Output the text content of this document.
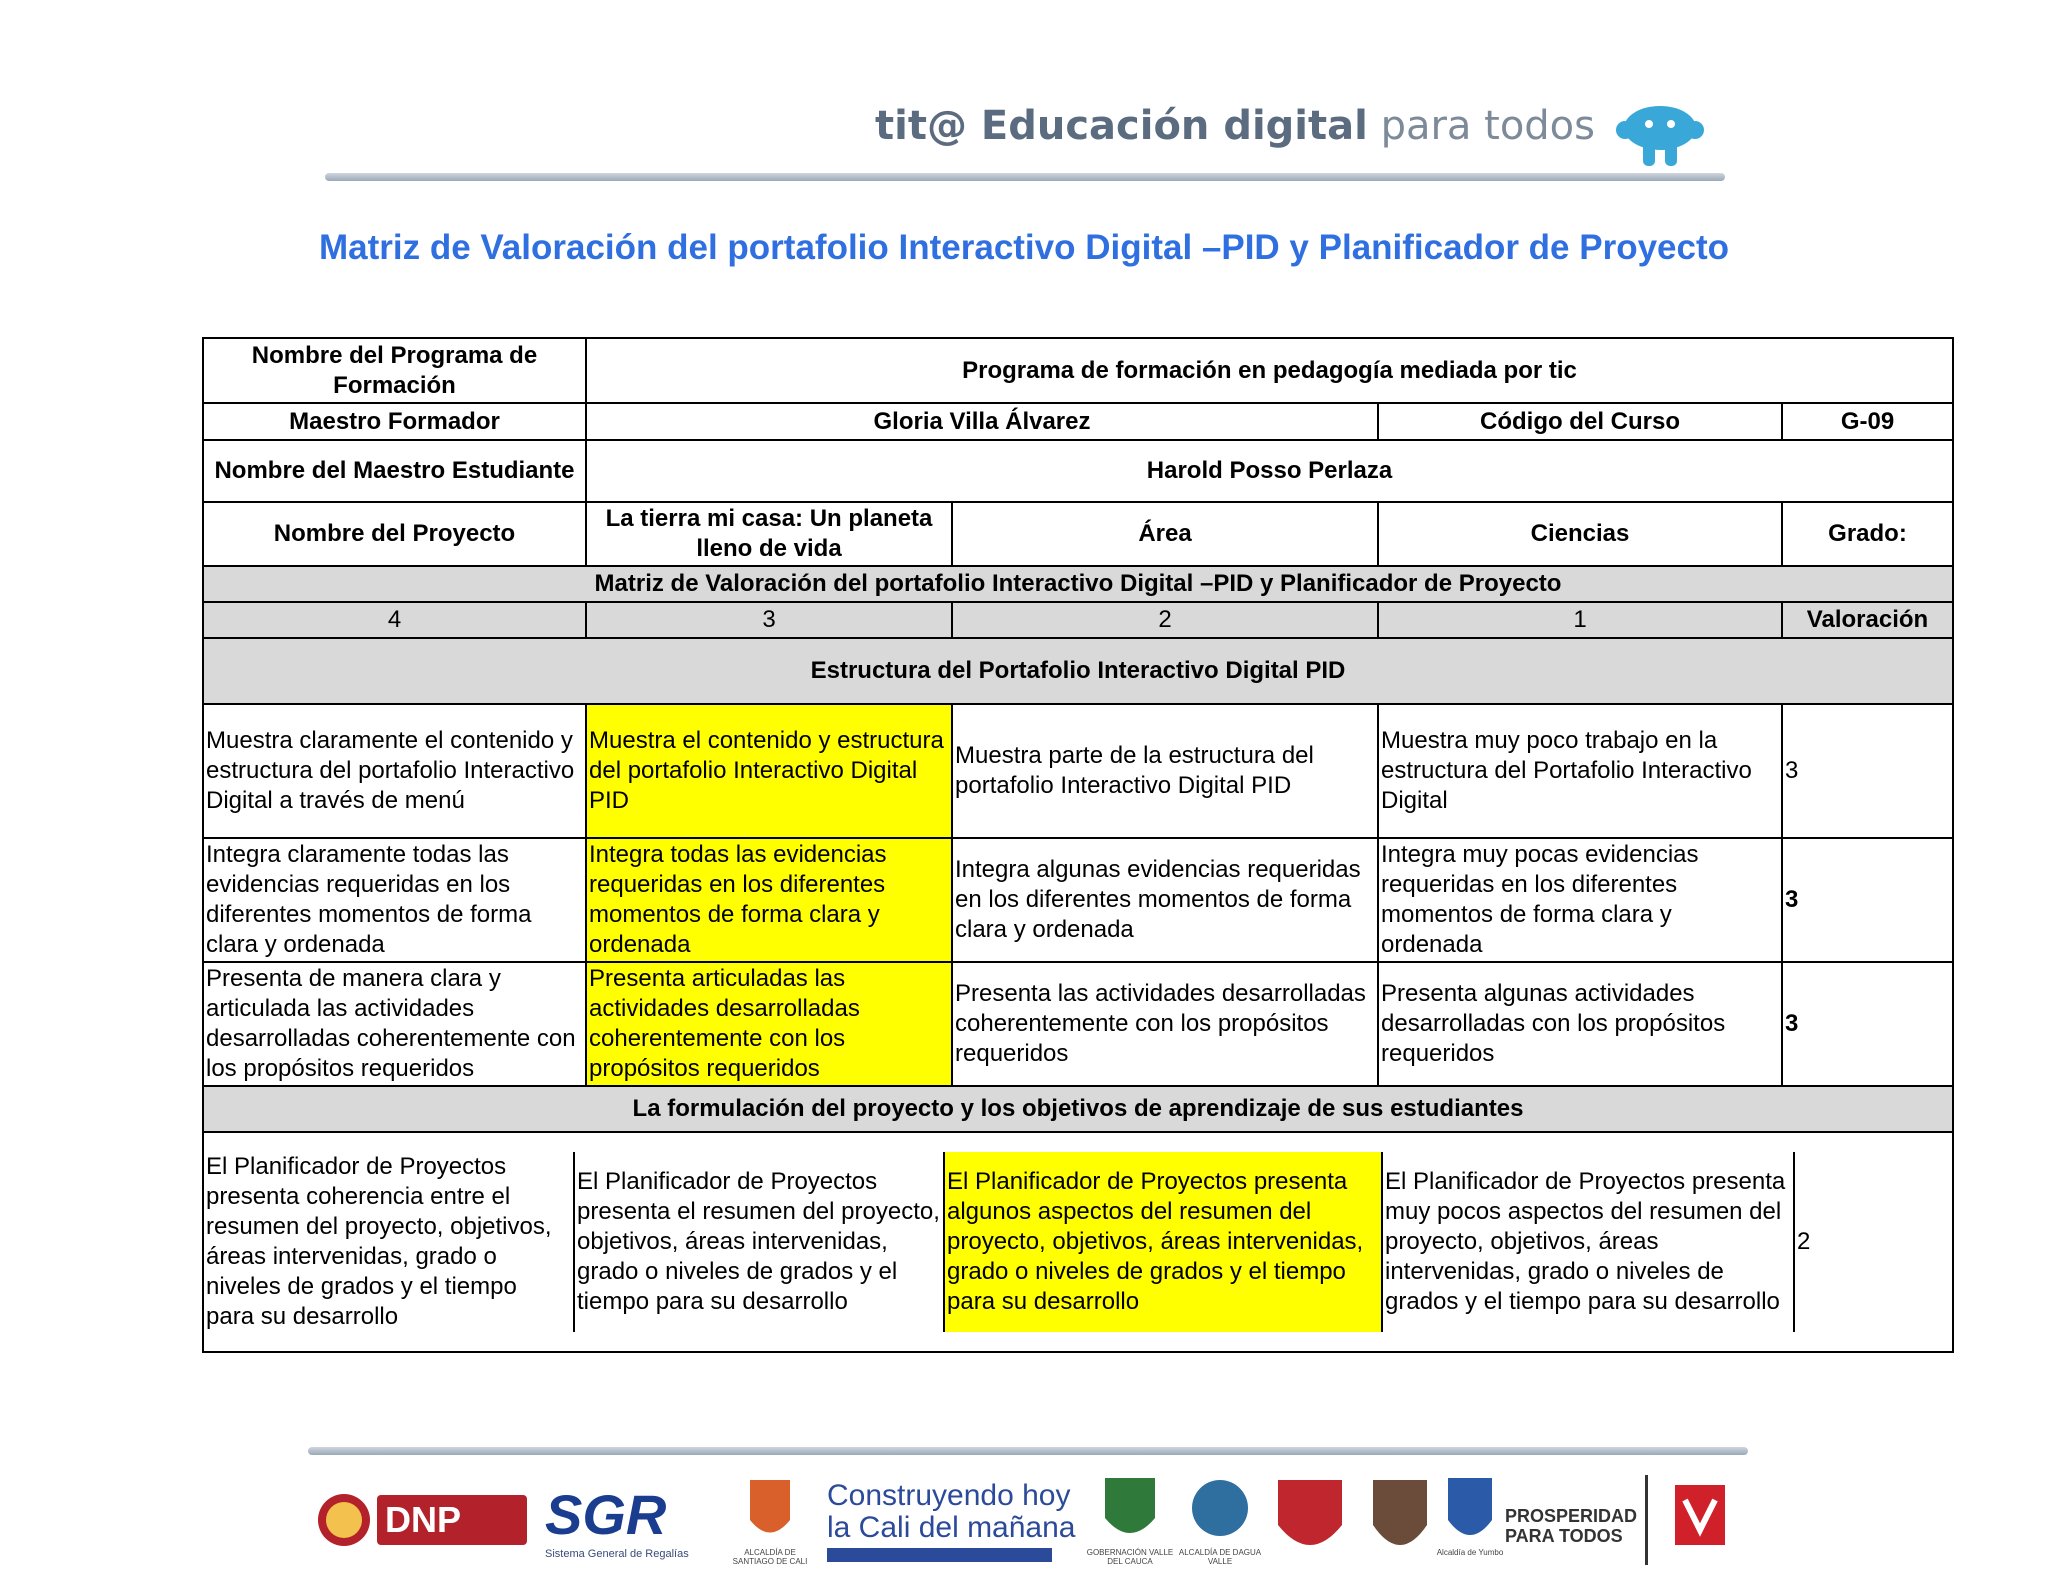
tit@ Educación digital para todos
Matriz de Valoración del portafolio Interactivo Digital –PID y Planificador de Proyecto
Nombre del Programa de Formación	Programa de formación en pedagogía mediada por tic
Maestro Formador	Gloria Villa Álvarez	Código del Curso	G-09
Nombre del Maestro Estudiante	Harold Posso Perlaza
Nombre del Proyecto	La tierra mi casa: Un planeta lleno de vida	Área	Ciencias	Grado:
Matriz de Valoración del portafolio Interactivo Digital –PID y Planificador de Proyecto
4	3	2	1	Valoración
Estructura del Portafolio Interactivo Digital PID
Muestra claramente el contenido y estructura del portafolio Interactivo Digital a través de menú	Muestra el contenido y estructura del portafolio Interactivo Digital PID	Muestra parte de la estructura del portafolio Interactivo Digital PID	Muestra muy poco trabajo en la estructura del Portafolio Interactivo Digital	3
Integra claramente todas las evidencias requeridas en los diferentes momentos de forma clara y ordenada	Integra todas las evidencias requeridas en los diferentes momentos de forma clara y ordenada	Integra algunas evidencias requeridas en los diferentes momentos de forma clara y ordenada	Integra muy pocas evidencias requeridas en los diferentes momentos de forma clara y ordenada	3
Presenta de manera clara y articulada las actividades desarrolladas coherentemente con los propósitos requeridos	Presenta articuladas las actividades desarrolladas coherentemente con los propósitos requeridos	Presenta las actividades desarrolladas coherentemente con los propósitos requeridos	Presenta algunas actividades desarrolladas con los propósitos requeridos	3
La formulación del proyecto y los objetivos de aprendizaje de sus estudiantes

El Planificador de Proyectos presenta coherencia entre el resumen del proyecto, objetivos, áreas intervenidas, grado o niveles de grados y el tiempo para su desarrollo	El Planificador de Proyectos presenta el resumen del proyecto, objetivos, áreas intervenidas, grado o niveles de grados y el tiempo para su desarrollo	El Planificador de Proyectos presenta algunos aspectos del resumen del proyecto, objetivos, áreas intervenidas, grado o niveles de grados y el tiempo para su desarrollo	El Planificador de Proyectos presenta muy pocos aspectos del resumen del proyecto, objetivos, áreas intervenidas, grado o niveles de grados y el tiempo para su desarrollo	2
DNP	SGR
Sistema General de Regalías	ALCALDÍA DE SANTIAGO DE CALI
Construyendo hoy
la Cali del mañana
GOBERNACIÓN VALLE DEL CAUCA
ALCALDÍA DE DAGUA VALLE
Alcaldía de Yumbo
PROSPERIDAD
PARA TODOS
